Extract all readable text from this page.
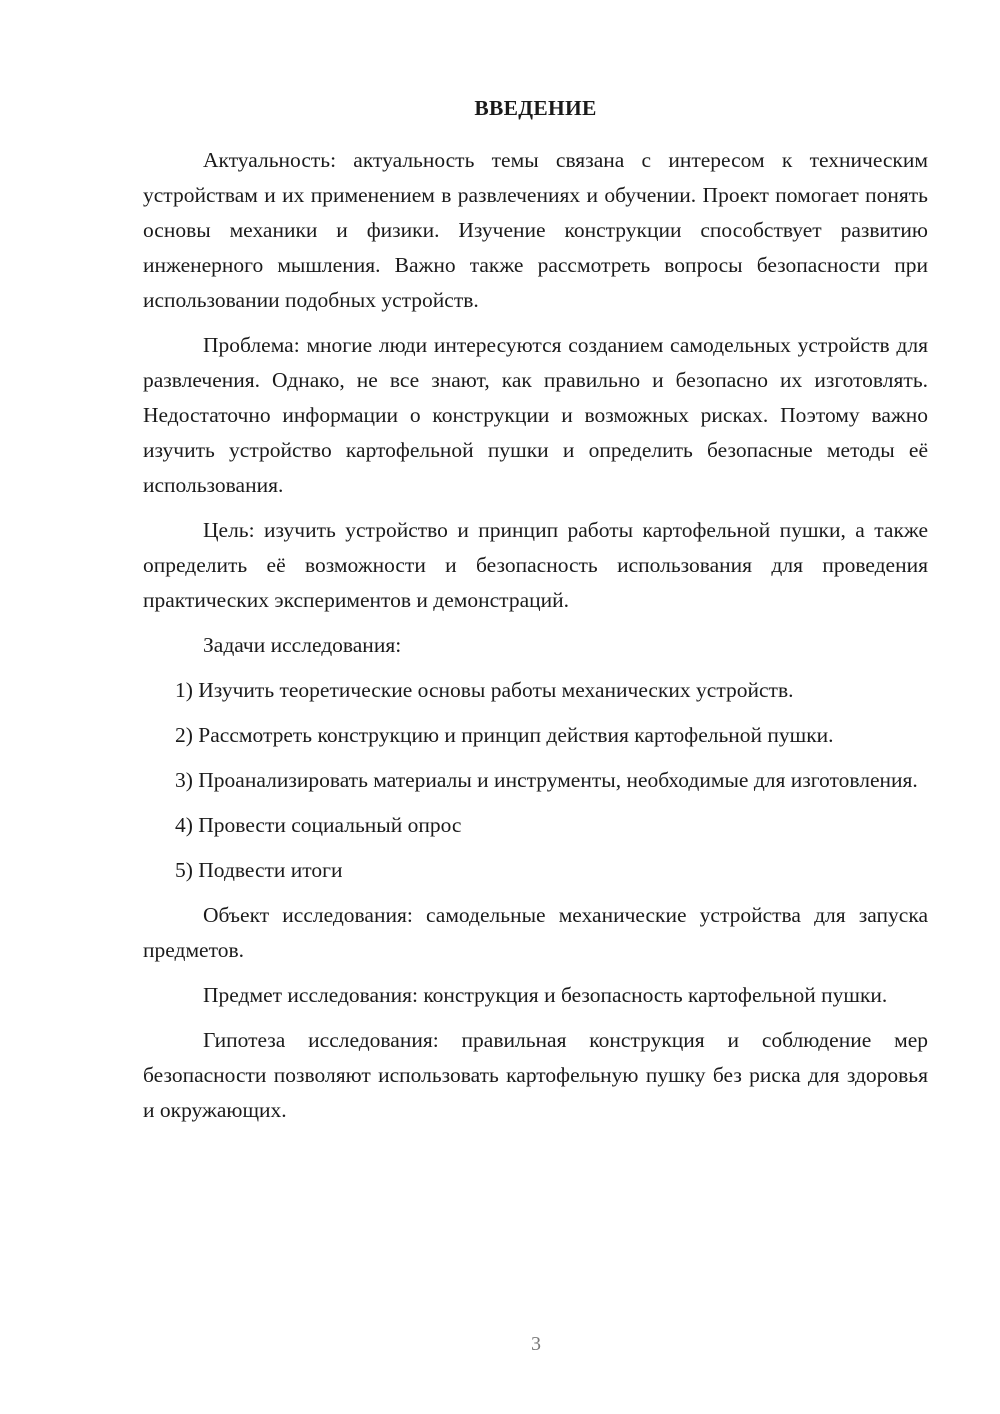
ВВЕДЕНИЕ

Актуальность: актуальность темы связана с интересом к техническим устройствам и их применением в развлечениях и обучении. Проект помогает понять основы механики и физики. Изучение конструкции способствует развитию инженерного мышления. Важно также рассмотреть вопросы безопасности при использовании подобных устройств.

Проблема: многие люди интересуются созданием самодельных устройств для развлечения. Однако, не все знают, как правильно и безопасно их изготовлять. Недостаточно информации о конструкции и возможных рисках. Поэтому важно изучить устройство картофельной пушки и определить безопасные методы её использования.

Цель: изучить устройство и принцип работы картофельной пушки, а также определить её возможности и безопасность использования для проведения практических экспериментов и демонстраций.

Задачи исследования:

1) Изучить теоретические основы работы механических устройств.

2) Рассмотреть конструкцию и принцип действия картофельной пушки.

3) Проанализировать материалы и инструменты, необходимые для изготовления.

4) Провести социальный опрос

5) Подвести итоги

Объект исследования: самодельные механические устройства для запуска предметов.

Предмет исследования: конструкция и безопасность картофельной пушки.

Гипотеза исследования: правильная конструкция и соблюдение мер безопасности позволяют использовать картофельную пушку без риска для здоровья и окружающих.

3
